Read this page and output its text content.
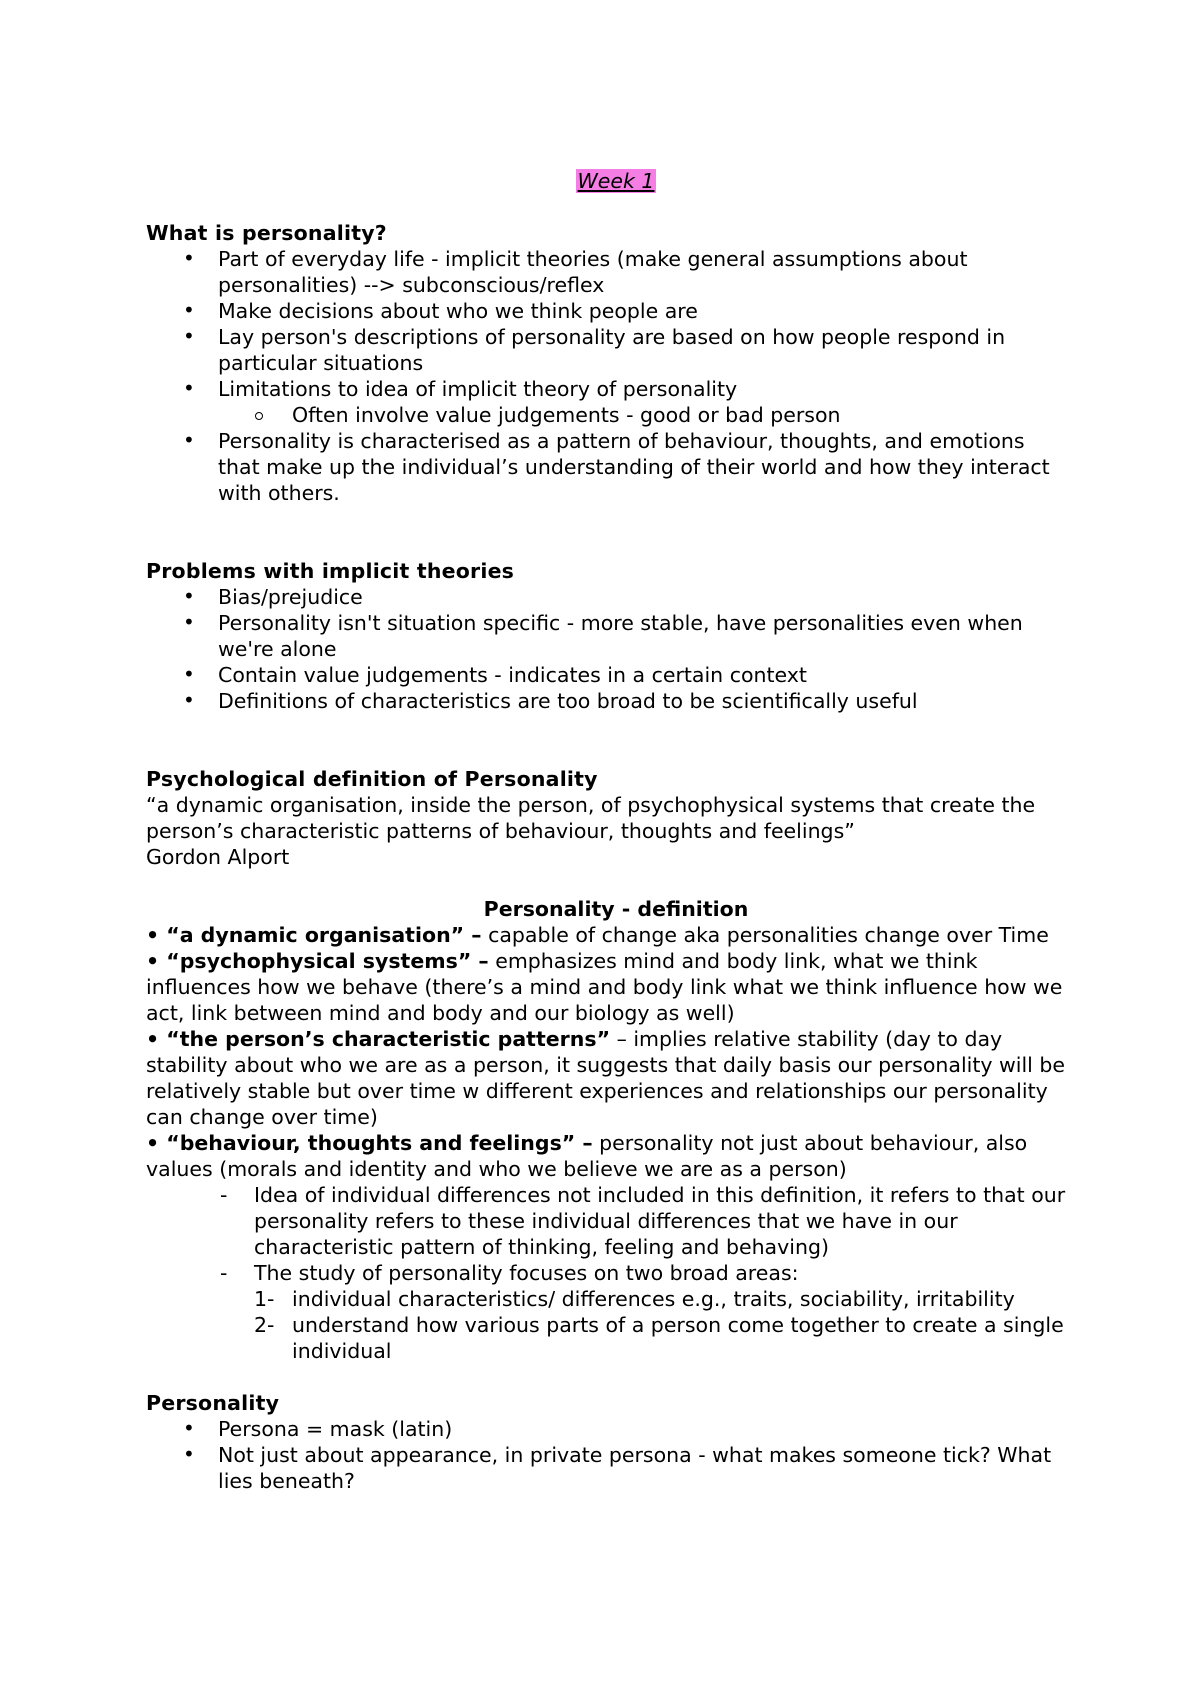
Week 1
What is personality?
• Part of everyday life - implicit theories (make general assumptions about personalities) --> subconscious/reflex
• Make decisions about who we think people are
• Lay person's descriptions of personality are based on how people respond in particular situations
• Limitations to idea of implicit theory of personality
Often involve value judgements - good or bad person
• Personality is characterised as a pattern of behaviour, thoughts, and emotions that make up the individual’s understanding of their world and how they interact with others.
Problems with implicit theories
• Bias/prejudice
• Personality isn't situation specific - more stable, have personalities even when we're alone
• Contain value judgements - indicates in a certain context
• Definitions of characteristics are too broad to be scientifically useful
Psychological definition of Personality

“a dynamic organisation, inside the person, of psychophysical systems that create the person’s characteristic patterns of behaviour, thoughts and feelings”

Gordon Alport

Personality - definition

• “a dynamic organisation” – capable of change aka personalities change over Time

• “psychophysical systems” – emphasizes mind and body link, what we think influences how we behave (there’s a mind and body link what we think influence how we act, link between mind and body and our biology as well)

• “the person’s characteristic patterns” – implies relative stability (day to day stability about who we are as a person, it suggests that daily basis our personality will be relatively stable but over time w different experiences and relationships our personality can change over time)

• “behaviour, thoughts and feelings” – personality not just about behaviour, also values (morals and identity and who we believe we are as a person)

- Idea of individual differences not included in this definition, it refers to that our personality refers to these individual differences that we have in our characteristic pattern of thinking, feeling and behaving)
- The study of personality focuses on two broad areas:
1- individual characteristics/ differences e.g., traits, sociability, irritability
2- understand how various parts of a person come together to create a single individual
Personality
• Persona = mask (latin)
• Not just about appearance, in private persona - what makes someone tick? What lies beneath?
